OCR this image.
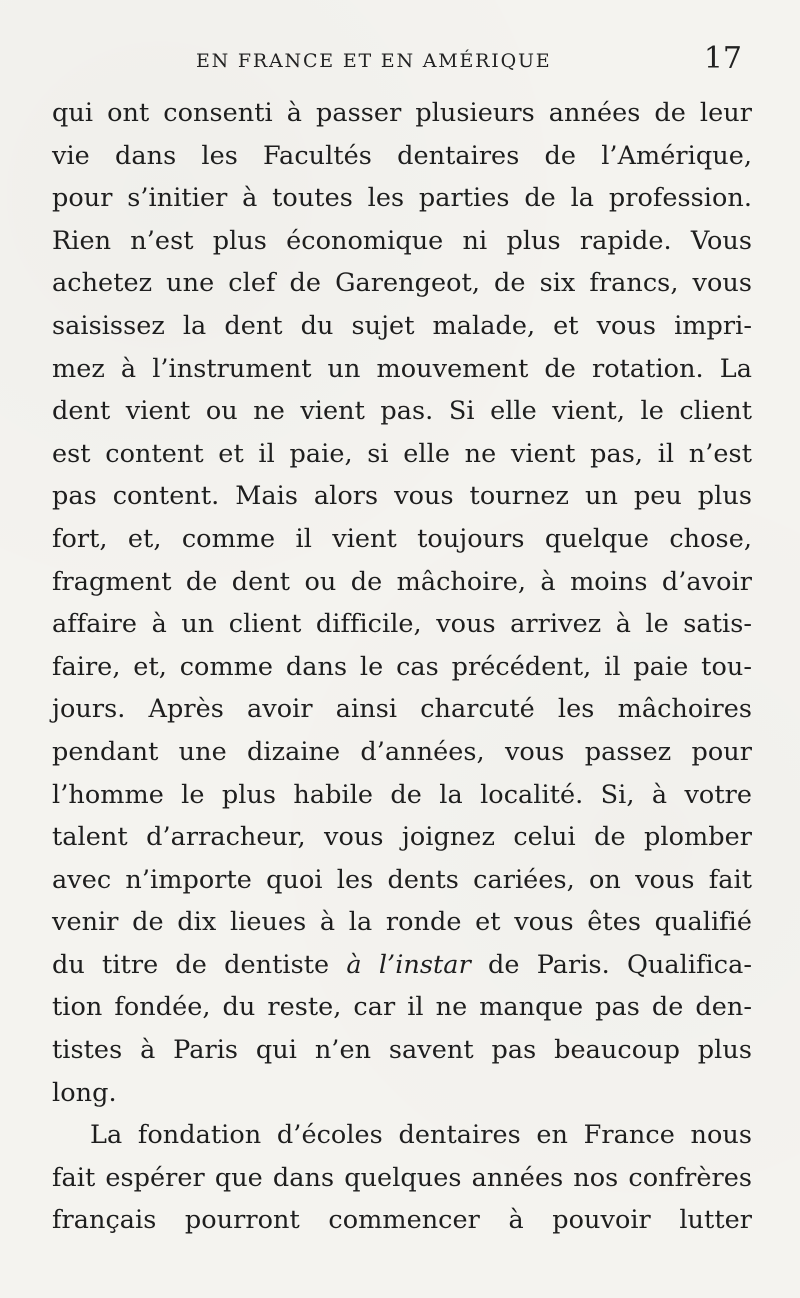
EN FRANCE ET EN AMÉRIQUE	17
qui ont consenti à passer plusieurs années de leur
vie dans les Facultés dentaires de l’Amérique,
pour s’initier à toutes les parties de la profession.
Rien n’est plus économique ni plus rapide. Vous
achetez une clef de Garengeot, de six francs, vous
saisissez la dent du sujet malade, et vous impri-
mez à l’instrument un mouvement de rotation. La
dent vient ou ne vient pas. Si elle vient, le client
est content et il paie, si elle ne vient pas, il n’est
pas content. Mais alors vous tournez un peu plus
fort, et, comme il vient toujours quelque chose,
fragment de dent ou de mâchoire, à moins d’avoir
affaire à un client difficile, vous arrivez à le satis-
faire, et, comme dans le cas précédent, il paie tou-
jours. Après avoir ainsi charcuté les mâchoires
pendant une dizaine d’années, vous passez pour
l’homme le plus habile de la localité. Si, à votre
talent d’arracheur, vous joignez celui de plomber
avec n’importe quoi les dents cariées, on vous fait
venir de dix lieues à la ronde et vous êtes qualifié
du titre de dentiste à l’instar de Paris. Qualifica-
tion fondée, du reste, car il ne manque pas de den-
tistes à Paris qui n’en savent pas beaucoup plus
long.
La fondation d’écoles dentaires en France nous
fait espérer que dans quelques années nos confrères
français pourront commencer à pouvoir lutter
